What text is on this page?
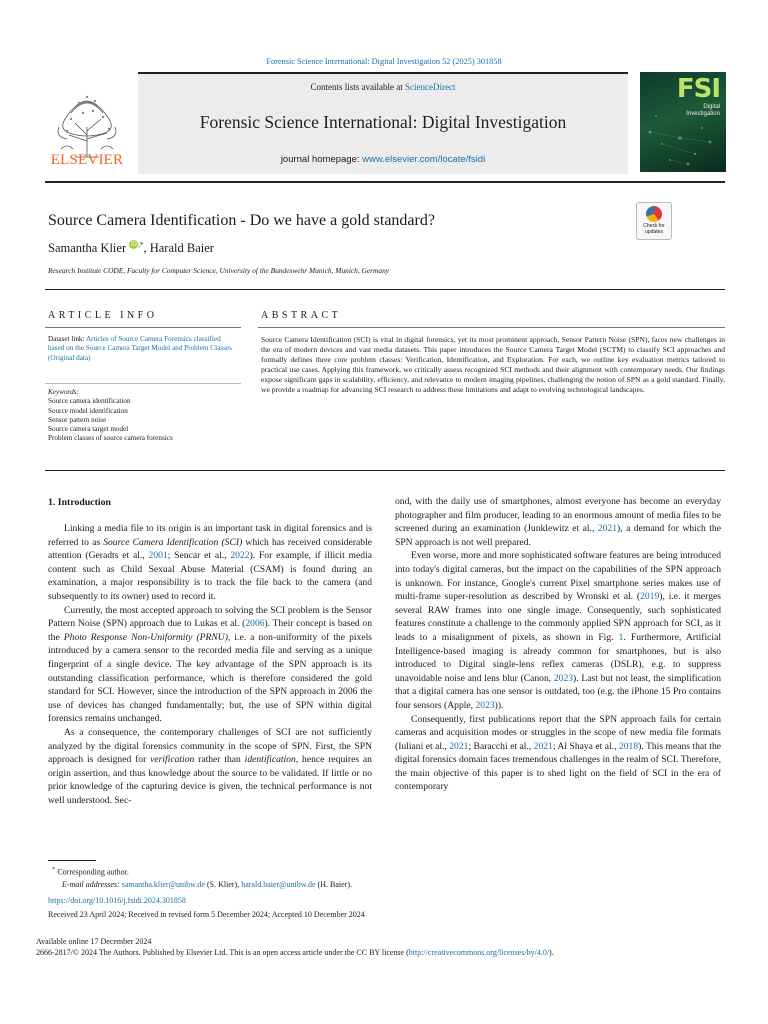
Forensic Science International: Digital Investigation 52 (2025) 301858
ELSEVIER
Contents lists available at ScienceDirect
Forensic Science International: Digital Investigation
journal homepage: www.elsevier.com/locate/fsidi
FSI
Digital Investigation
Source Camera Identification - Do we have a gold standard?	Check for updates
Samantha Klier iD,*, Harald Baier
Research Institute CODE, Faculty for Computer Science, University of the Bundeswehr Munich, Munich, Germany
ARTICLE INFO	ABSTRACT
Dataset link: Articles of Source Camera Forensics classified based on the Source Camera Target Model and Problem Classes (Original data)
Keywords:
Source camera identification
Source model identification
Sensor pattern noise
Source camera target model
Problem classes of source camera forensics
Source Camera Identification (SCI) is vital in digital forensics, yet its most prominent approach, Sensor Pattern Noise (SPN), faces new challenges in the era of modern devices and vast media datasets. This paper introduces the Source Camera Target Model (SCTM) to classify SCI approaches and formally defines three core problem classes: Verification, Identification, and Exploration. For each, we outline key evaluation metrics tailored to practical use cases. Applying this framework, we critically assess recognized SCI methods and their alignment with contemporary needs. Our findings expose significant gaps in scalability, efficiency, and relevance to modern imaging pipelines, challenging the notion of SPN as a gold standard. Finally, we provide a roadmap for advancing SCI research to address these limitations and adapt to evolving technological landscapes.
1. Introduction

Linking a media file to its origin is an important task in digital forensics and is referred to as Source Camera Identification (SCI) which has received considerable attention (Geradts et al., 2001; Sencar et al., 2022). For example, if illicit media content such as Child Sexual Abuse Material (CSAM) is found during an examination, a major responsibility is to track the file back to the camera (and subsequently to its owner) used to record it.

Currently, the most accepted approach to solving the SCI problem is the Sensor Pattern Noise (SPN) approach due to Lukas et al. (2006). Their concept is based on the Photo Response Non-Uniformity (PRNU), i.e. a non-uniformity of the pixels introduced by a camera sensor to the recorded media file and serving as a unique fingerprint of a single device. The key advantage of the SPN approach is its outstanding classification performance, which is therefore considered the gold standard for SCI. However, since the introduction of the SPN approach in 2006 the use of devices has changed fundamentally; but, the use of SPN within digital forensics remains unchanged.

As a consequence, the contemporary challenges of SCI are not sufficiently analyzed by the digital forensics community in the scope of SPN. First, the SPN approach is designed for verification rather than identification, hence requires an origin assertion, and thus knowledge about the source to be validated. If little or no prior knowledge of the capturing device is given, the technical performance is not well understood. Sec-

ond, with the daily use of smartphones, almost everyone has become an everyday photographer and film producer, leading to an enormous amount of media files to be screened during an examination (Junklewitz et al., 2021), a demand for which the SPN approach is not well prepared.

Even worse, more and more sophisticated software features are being introduced into today's digital cameras, but the impact on the capabilities of the SPN approach is unknown. For instance, Google's current Pixel smartphone series makes use of multi-frame super-resolution as described by Wronski et al. (2019), i.e. it merges several RAW frames into one single image. Consequently, such sophisticated features constitute a challenge to the commonly applied SPN approach for SCI, as it leads to a misalignment of pixels, as shown in Fig. 1. Furthermore, Artificial Intelligence-based imaging is already common for smartphones, but is also introduced to Digital single-lens reflex cameras (DSLR), e.g. to suppress unavoidable noise and lens blur (Canon, 2023). Last but not least, the simplification that a digital camera has one sensor is outdated, too (e.g. the iPhone 15 Pro contains four sensors (Apple, 2023)).

Consequently, first publications report that the SPN approach fails for certain cameras and acquisition modes or struggles in the scope of new media file formats (Iuliani et al., 2021; Baracchi et al., 2021; Al Shaya et al., 2018). This means that the digital forensics domain faces tremendous challenges in the realm of SCI. Therefore, the main objective of this paper is to shed light on the field of SCI in the era of contemporary

* Corresponding author.
E-mail addresses: samantha.klier@unibw.de (S. Klier), harald.baier@unibw.de (H. Baier).
https://doi.org/10.1016/j.fsidi.2024.301858
Received 23 April 2024; Received in revised form 5 December 2024; Accepted 10 December 2024
Available online 17 December 2024
2666-2817/© 2024 The Authors. Published by Elsevier Ltd. This is an open access article under the CC BY license (http://creativecommons.org/licenses/by/4.0/).
